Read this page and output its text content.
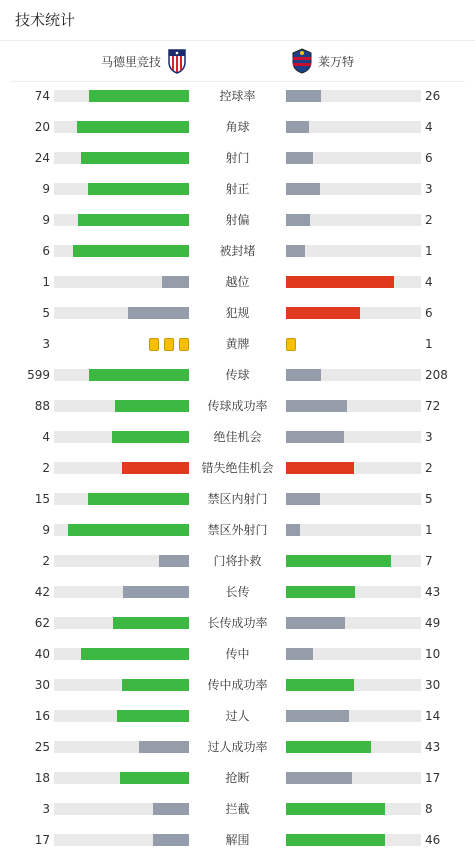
技术统计
马德里竞技	莱万特
74	控球率	26
20	角球	4
24	射门	6
9	射正	3
9	射偏	2
6	被封堵	1
1	越位	4
5	犯规	6
3	黄牌	1
599	传球	208
88	传球成功率	72
4	绝佳机会	3
2	错失绝佳机会	2
15	禁区内射门	5
9	禁区外射门	1
2	门将扑救	7
42	长传	43
62	长传成功率	49
40	传中	10
30	传中成功率	30
16	过人	14
25	过人成功率	43
18	抢断	17
3	拦截	8
17	解围	46
